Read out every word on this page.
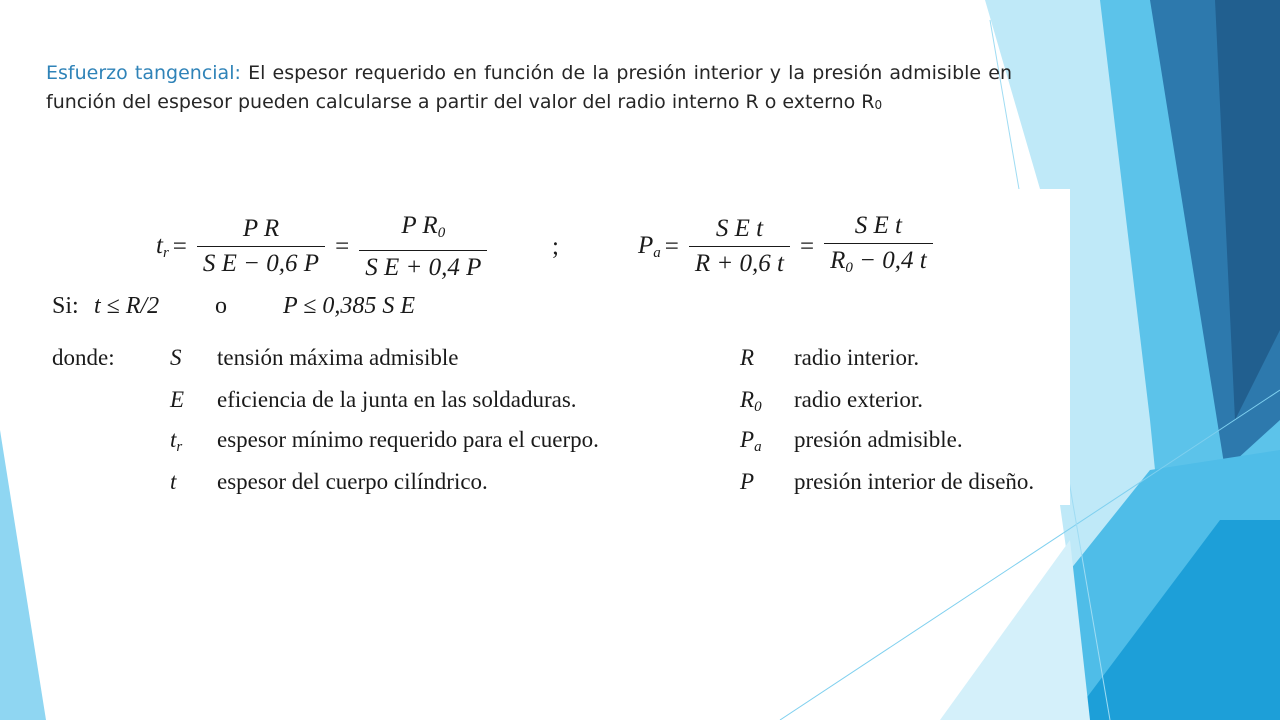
Esfuerzo tangencial: El espesor requerido en función de la presión interior y la presión admisible en función del espesor pueden calcularse a partir del valor del radio interno R o externo $R_0$
$t_r = \frac{\text{P R}}{\text{S E − 0,6 P}} = \frac{P R_0}{\text{S E + 0,4 P}}$	;	$P_a = \frac{\text{S E t}}{R + 0,6 t} = \frac{\text{S E t}}{R_0 - 0,4 t}$
Si: t ≤ R/2 o P ≤ 0,385 S E
donde: S tensión máxima admisible
E eficiencia de la junta en las soldaduras.
$t_r$ espesor mínimo requerido para el cuerpo.
t espesor del cuerpo cilíndrico.
R radio interior.
$R_0$ radio exterior.
$P_a$ presión admisible.
P presión interior de diseño.
